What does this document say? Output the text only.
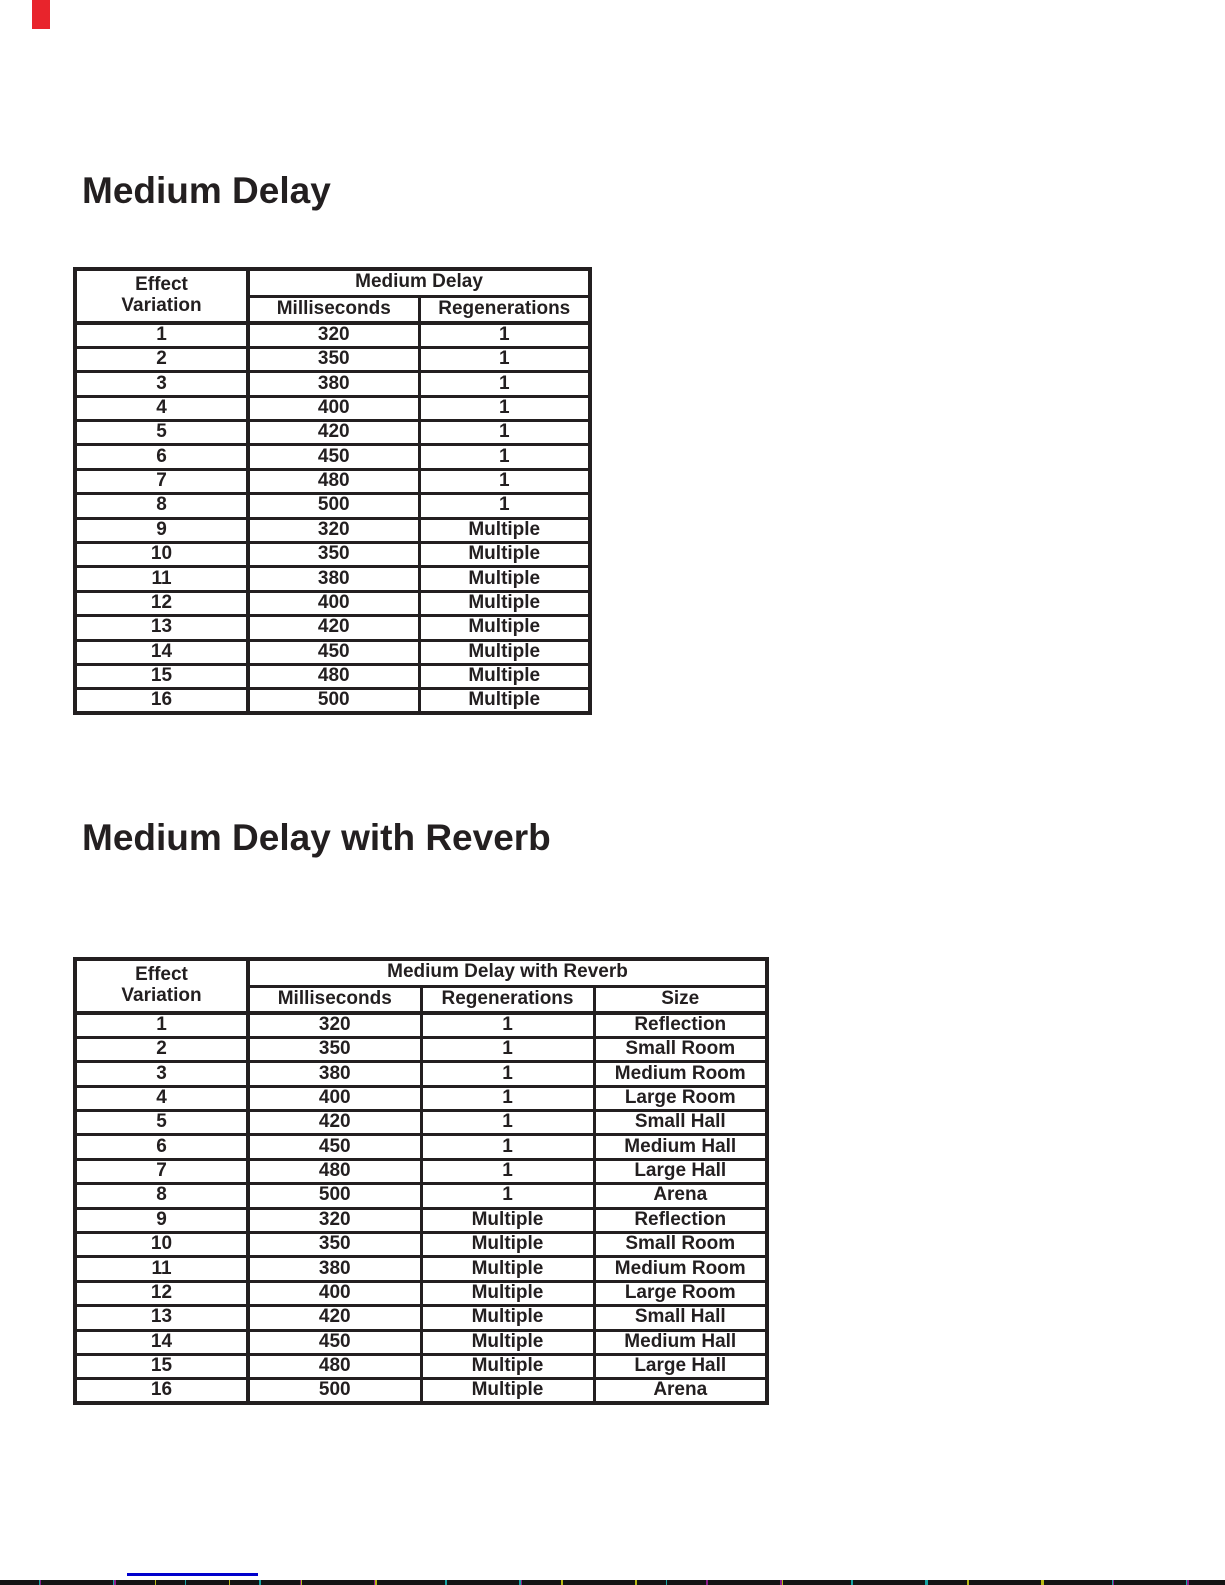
Medium Delay
Effect
Variation	Medium Delay	
	Milliseconds	Regenerations
1	320	1
2	350	1
3	380	1
4	400	1
5	420	1
6	450	1
7	480	1
8	500	1
9	320	Multiple
10	350	Multiple
11	380	Multiple
12	400	Multiple
13	420	Multiple
14	450	Multiple
15	480	Multiple
16	500	Multiple
Medium Delay with Reverb
Effect
Variation	Medium Delay with Reverb		
	Milliseconds	Regenerations	Size
1	320	1	Reflection
2	350	1	Small Room
3	380	1	Medium Room
4	400	1	Large Room
5	420	1	Small Hall
6	450	1	Medium Hall
7	480	1	Large Hall
8	500	1	Arena
9	320	Multiple	Reflection
10	350	Multiple	Small Room
11	380	Multiple	Medium Room
12	400	Multiple	Large Room
13	420	Multiple	Small Hall
14	450	Multiple	Medium Hall
15	480	Multiple	Large Hall
16	500	Multiple	Arena
